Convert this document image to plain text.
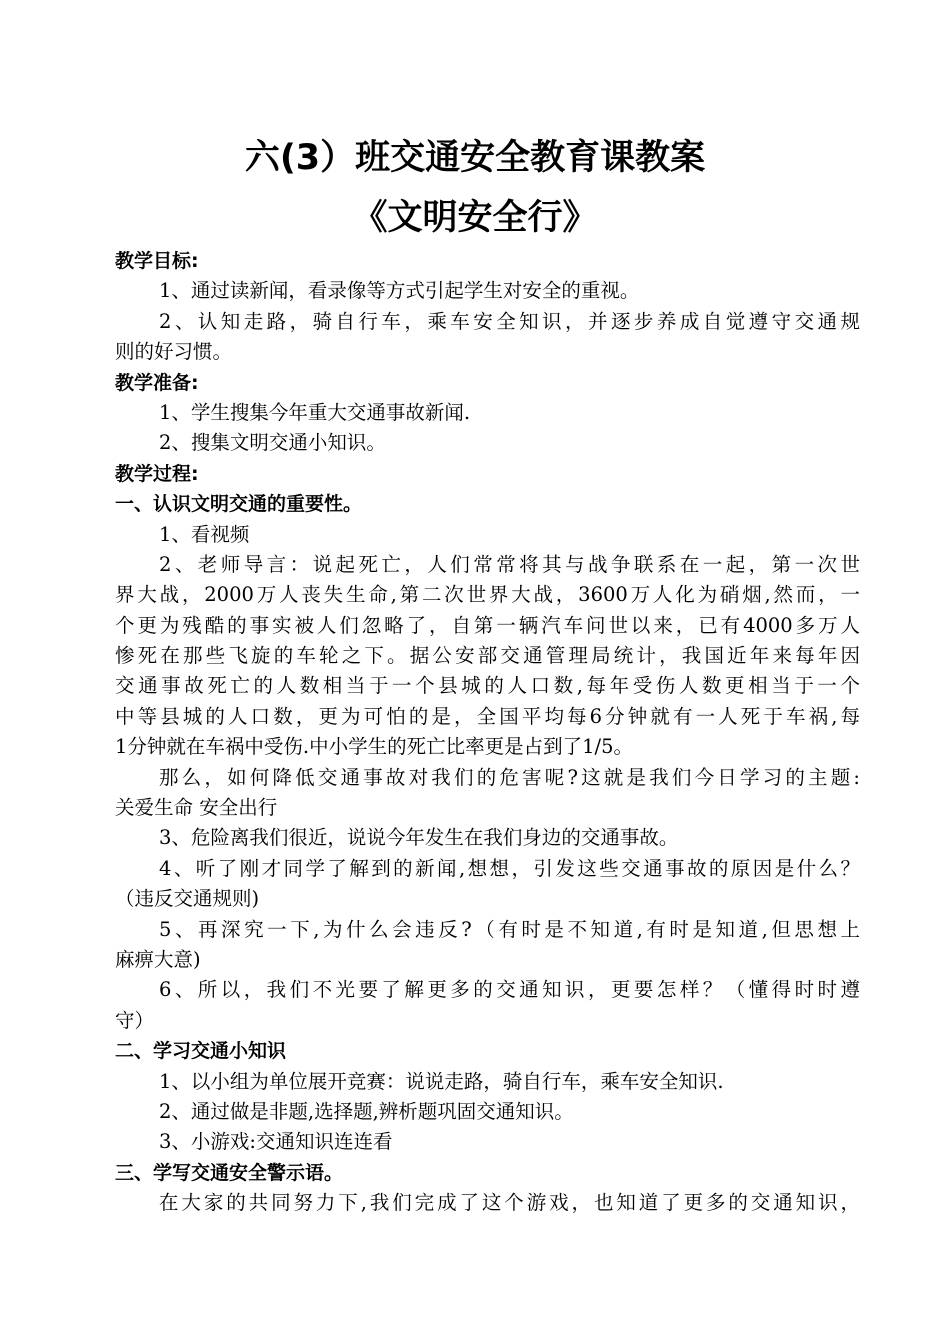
六(3）班交通安全教育课教案
《文明安全行》
教学目标:
1、通过读新闻，看录像等方式引起学生对安全的重视。
2、认知走路，骑自行车，乘车安全知识，并逐步养成自觉遵守交通规
则的好习惯。
教学准备:
1、学生搜集今年重大交通事故新闻.
2、搜集文明交通小知识。
教学过程:
一、认识文明交通的重要性。
1、看视频
2、老师导言：说起死亡，人们常常将其与战争联系在一起，第一次世
界大战，2000万人丧失生命,第二次世界大战，3600万人化为硝烟,然而，一
个更为残酷的事实被人们忽略了，自第一辆汽车问世以来，已有4000多万人
惨死在那些飞旋的车轮之下。据公安部交通管理局统计，我国近年来每年因
交通事故死亡的人数相当于一个县城的人口数,每年受伤人数更相当于一个
中等县城的人口数，更为可怕的是，全国平均每6分钟就有一人死于车祸,每
1分钟就在车祸中受伤.中小学生的死亡比率更是占到了1/5。
那么，如何降低交通事故对我们的危害呢?这就是我们今日学习的主题:
关爱生命 安全出行
3、危险离我们很近，说说今年发生在我们身边的交通事故。
4、听了刚才同学了解到的新闻,想想，引发这些交通事故的原因是什么？
（违反交通规则)
5、再深究一下,为什么会违反?（有时是不知道,有时是知道,但思想上
麻痹大意)
6、所以，我们不光要了解更多的交通知识，更要怎样？（懂得时时遵
守）
二、学习交通小知识
1、以小组为单位展开竞赛：说说走路，骑自行车，乘车安全知识.
2、通过做是非题,选择题,辨析题巩固交通知识。
3、小游戏:交通知识连连看
三、学写交通安全警示语。
在大家的共同努力下,我们完成了这个游戏，也知道了更多的交通知识，
